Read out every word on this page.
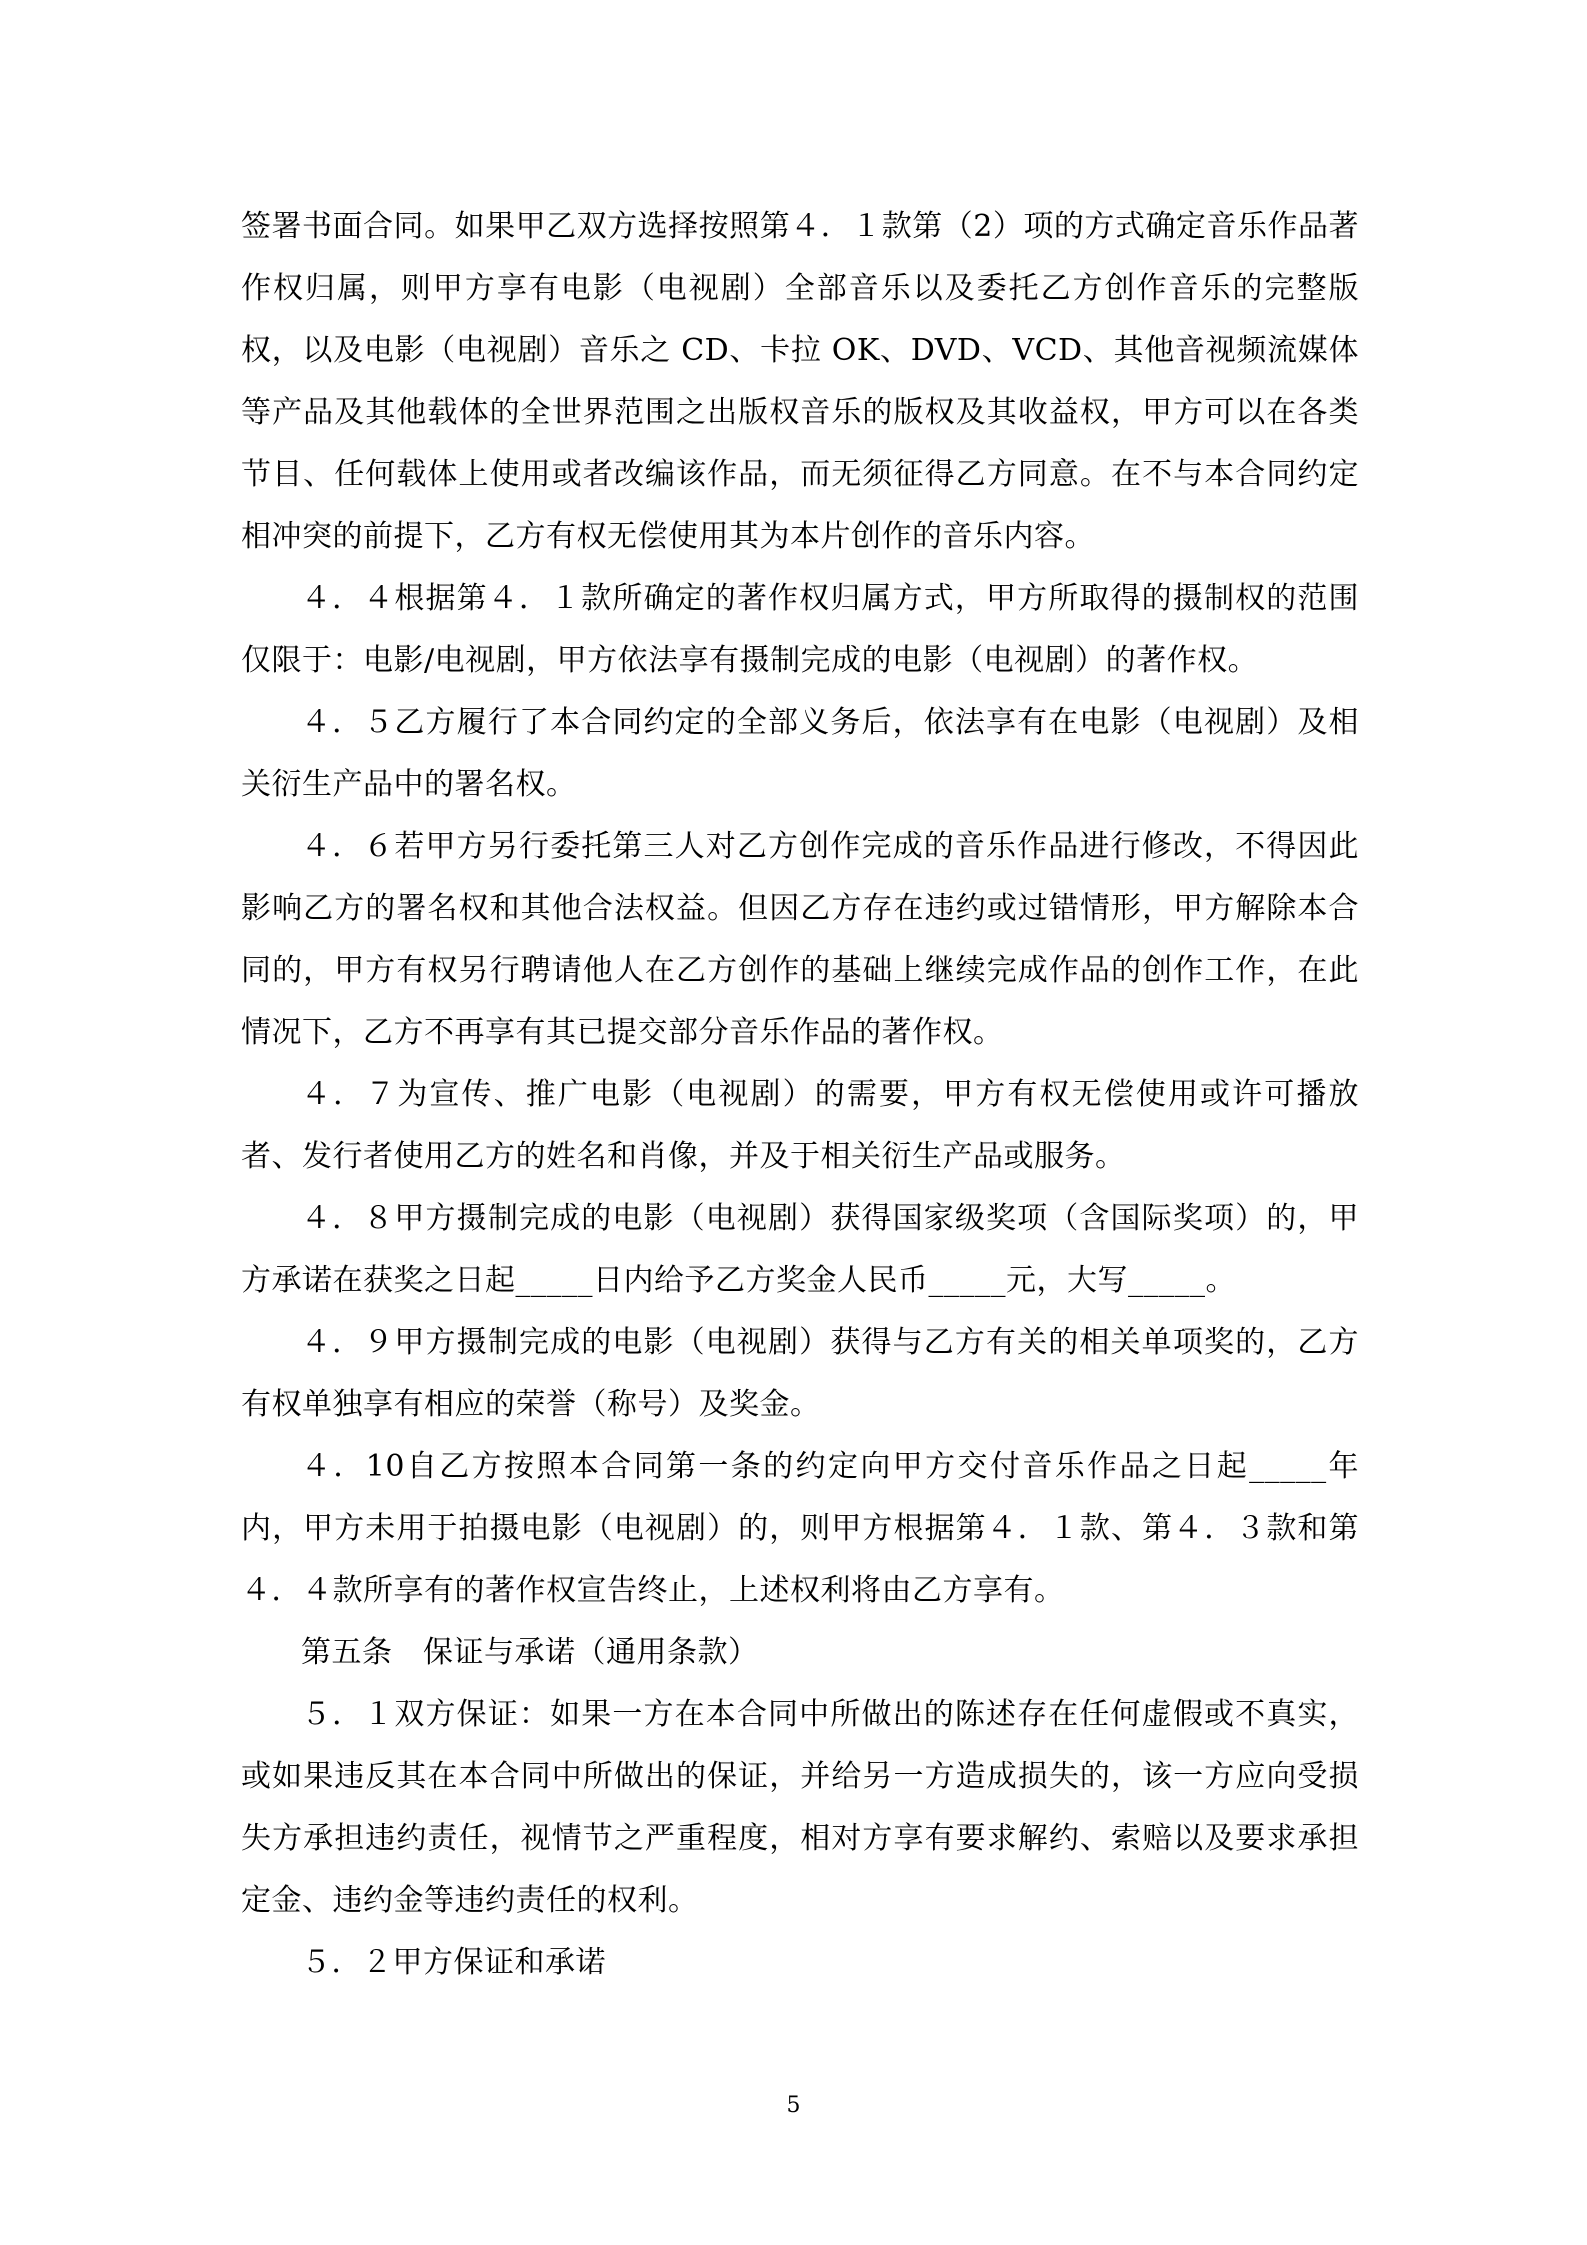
签署书面合同。如果甲乙双方选择按照第４．１款第（2）项的方式确定音乐作品著作权归属，则甲方享有电影（电视剧）全部音乐以及委托乙方创作音乐的完整版权，以及电影（电视剧）音乐之 CD、卡拉 OK、DVD、VCD、其他音视频流媒体等产品及其他载体的全世界范围之出版权音乐的版权及其收益权，甲方可以在各类节目、任何载体上使用或者改编该作品，而无须征得乙方同意。在不与本合同约定相冲突的前提下，乙方有权无偿使用其为本片创作的音乐内容。

４．４根据第４．１款所确定的著作权归属方式，甲方所取得的摄制权的范围仅限于：电影/电视剧，甲方依法享有摄制完成的电影（电视剧）的著作权。

４．５乙方履行了本合同约定的全部义务后，依法享有在电影（电视剧）及相关衍生产品中的署名权。

４．６若甲方另行委托第三人对乙方创作完成的音乐作品进行修改，不得因此影响乙方的署名权和其他合法权益。但因乙方存在违约或过错情形，甲方解除本合同的，甲方有权另行聘请他人在乙方创作的基础上继续完成作品的创作工作，在此情况下，乙方不再享有其已提交部分音乐作品的著作权。

４．７为宣传、推广电影（电视剧）的需要，甲方有权无偿使用或许可播放者、发行者使用乙方的姓名和肖像，并及于相关衍生产品或服务。

４．８甲方摄制完成的电影（电视剧）获得国家级奖项（含国际奖项）的，甲方承诺在获奖之日起_____日内给予乙方奖金人民币_____元，大写_____。

４．９甲方摄制完成的电影（电视剧）获得与乙方有关的相关单项奖的，乙方有权单独享有相应的荣誉（称号）及奖金。

４．10自乙方按照本合同第一条的约定向甲方交付音乐作品之日起_____年内，甲方未用于拍摄电影（电视剧）的，则甲方根据第４．１款、第４．３款和第４．４款所享有的著作权宣告终止，上述权利将由乙方享有。

第五条　保证与承诺（通用条款）

５．１双方保证：如果一方在本合同中所做出的陈述存在任何虚假或不真实，或如果违反其在本合同中所做出的保证，并给另一方造成损失的，该一方应向受损失方承担违约责任，视情节之严重程度，相对方享有要求解约、索赔以及要求承担定金、违约金等违约责任的权利。

５．２甲方保证和承诺

5
